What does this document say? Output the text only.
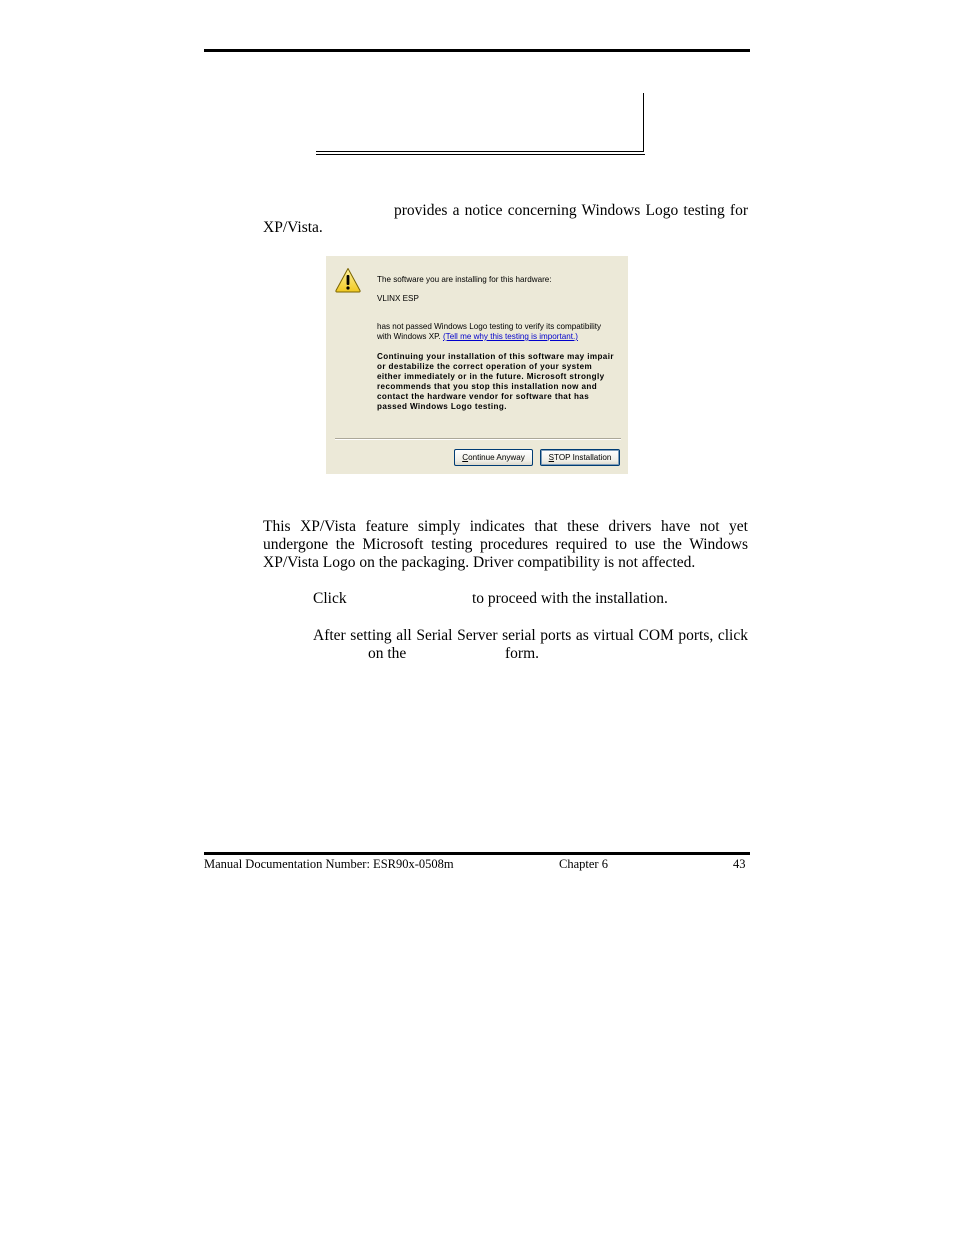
provides a notice concerning Windows Logo testing for
XP/Vista.
The software you are installing for this hardware:
VLINX ESP
has not passed Windows Logo testing to verify its compatibility
with Windows XP. (Tell me why this testing is important.)
Continuing your installation of this software may impair
or destabilize the correct operation of your system
either immediately or in the future. Microsoft strongly
recommends that you stop this installation now and
contact the hardware vendor for software that has
passed Windows Logo testing.
Continue Anyway	STOP Installation
This XP/Vista feature simply indicates that these drivers have not yet
undergone the Microsoft testing procedures required to use the Windows
XP/Vista Logo on the packaging. Driver compatibility is not affected.
Click	to proceed with the installation.
After setting all Serial Server serial ports as virtual COM ports, click
on the	form.
Manual Documentation Number: ESR90x-0508m	Chapter 6	43
